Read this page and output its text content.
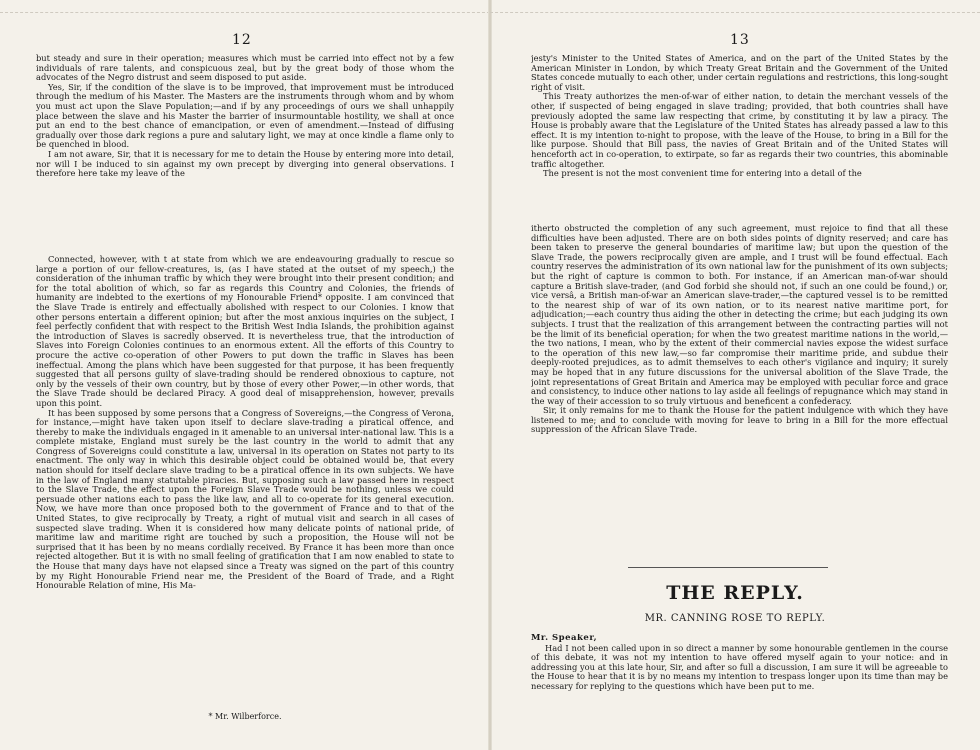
12

but steady and sure in their operation; measures which must be carried into effect not by a few individuals of rare talents, and conspicuous zeal, but by the great body of those whom the advocates of the Negro distrust and seem disposed to put aside.

Yes, Sir, if the condition of the slave is to be improved, that improvement must be introduced through the medium of his Master. The Masters are the instruments through whom and by whom you must act upon the Slave Population;—and if by any proceedings of ours we shall unhappily place between the slave and his Master the barrier of insurmountable hostility, we shall at once put an end to the best chance of emancipation, or even of amendment.—Instead of diffusing gradually over those dark regions a pure and salutary light, we may at once kindle a flame only to be quenched in blood.

I am not aware, Sir, that it is necessary for me to detain the House by entering more into detail, nor will I be induced to sin against my own precept by diverging into general observations. I therefore here take my leave of the

Connected, however, with t at state from which we are endeavouring gradually to rescue so large a portion of our fellow-creatures, is, (as I have stated at the outset of my speech,) the consideration of the inhuman traffic by which they were brought into their present condition; and for the total abolition of which, so far as regards this Country and Colonies, the friends of humanity are indebted to the exertions of my Honourable Friend* opposite. I am convinced that the Slave Trade is entirely and effectually abolished with respect to our Colonies. I know that other persons entertain a different opinion; but after the most anxious inquiries on the subject, I feel perfectly confident that with respect to the British West India Islands, the prohibition against the introduction of Slaves is sacredly observed. It is nevertheless true, that the introduction of Slaves into Foreign Colonies continues to an enormous extent. All the efforts of this Country to procure the active co-operation of other Powers to put down the traffic in Slaves has been ineffectual. Among the plans which have been suggested for that purpose, it has been frequently suggested that all persons guilty of slave-trading should be rendered obnoxious to capture, not only by the vessels of their own country, but by those of every other Power,—in other words, that the Slave Trade should be declared Piracy. A good deal of misapprehension, however, prevails upon this point.

It has been supposed by some persons that a Congress of Sovereigns,—the Congress of Verona, for instance,—might have taken upon itself to declare slave-trading a piratical offence, and thereby to make the individuals engaged in it amenable to an universal inter-national law. This is a complete mistake, England must surely be the last country in the world to admit that any Congress of Sovereigns could constitute a law, universal in its operation on States not party to its enactment. The only way in which this desirable object could be obtained would be, that every nation should for itself declare slave trading to be a piratical offence in its own subjects. We have in the law of England many statutable piracies. But, supposing such a law passed here in respect to the Slave Trade, the effect upon the Foreign Slave Trade would be nothing, unless we could persuade other nations each to pass the like law, and all to co-operate for its general execution. Now, we have more than once proposed both to the government of France and to that of the United States, to give reciprocally by Treaty, a right of mutual visit and search in all cases of suspected slave trading. When it is considered how many delicate points of national pride, of maritime law and maritime right are touched by such a proposition, the House will not be surprised that it has been by no means cordially received. By France it has been more than once rejected altogether. But it is with no small feeling of gratification that I am now enabled to state to the House that many days have not elapsed since a Treaty was signed on the part of this country by my Right Honourable Friend near me, the President of the Board of Trade, and a Right Honourable Relation of mine, His Ma-

* Mr. Wilberforce.
13

jesty's Minister to the United States of America, and on the part of the United States by the American Minister in London, by which Treaty Great Britain and the Government of the United States concede mutually to each other, under certain regulations and restrictions, this long-sought right of visit.

This Treaty authorizes the men-of-war of either nation, to detain the merchant vessels of the other, if suspected of being engaged in slave trading; provided, that both countries shall have previously adopted the same law respecting that crime, by constituting it by law a piracy. The House is probably aware that the Legislature of the United States has already passed a law to this effect. It is my intention to-night to propose, with the leave of the House, to bring in a Bill for the like purpose. Should that Bill pass, the navies of Great Britain and of the United States will henceforth act in co-operation, to extirpate, so far as regards their two countries, this abominable traffic altogether.

The present is not the most convenient time for entering into a detail of the

itherto obstructed the completion of any such agreement, must rejoice to find that all these difficulties have been adjusted. There are on both sides points of dignity reserved; and care has been taken to preserve the general boundaries of maritime law; but upon the question of the Slave Trade, the powers reciprocally given are ample, and I trust will be found effectual. Each country reserves the administration of its own national law for the punishment of its own subjects; but the right of capture is common to both. For instance, if an American man-of-war should capture a British slave-trader, (and God forbid she should not, if such an one could be found,) or, vice versâ, a British man-of-war an American slave-trader,—the captured vessel is to be remitted to the nearest ship of war of its own nation, or to its nearest native maritime port, for adjudication;—each country thus aiding the other in detecting the crime; but each judging its own subjects. I trust that the realization of this arrangement between the contracting parties will not be the limit of its beneficial operation; for when the two greatest maritime nations in the world,—the two nations, I mean, who by the extent of their commercial navies expose the widest surface to the operation of this new law,—so far compromise their maritime pride, and subdue their deeply-rooted prejudices, as to admit themselves to each other's vigilance and inquiry; it surely may be hoped that in any future discussions for the universal abolition of the Slave Trade, the joint representations of Great Britain and America may be employed with peculiar force and grace and consistency, to induce other nations to lay aside all feelings of repugnance which may stand in the way of their accession to so truly virtuous and beneficent a confederacy.

Sir, it only remains for me to thank the House for the patient indulgence with which they have listened to me; and to conclude with moving for leave to bring in a Bill for the more effectual suppression of the African Slave Trade.

THE REPLY.
MR. CANNING ROSE TO REPLY.
Mr. Speaker,

Had I not been called upon in so direct a manner by some honourable gentlemen in the course of this debate, it was not my intention to have offered myself again to your notice: and in addressing you at this late hour, Sir, and after so full a discussion, I am sure it will be agreeable to the House to hear that it is by no means my intention to trespass longer upon its time than may be necessary for replying to the questions which have been put to me.
